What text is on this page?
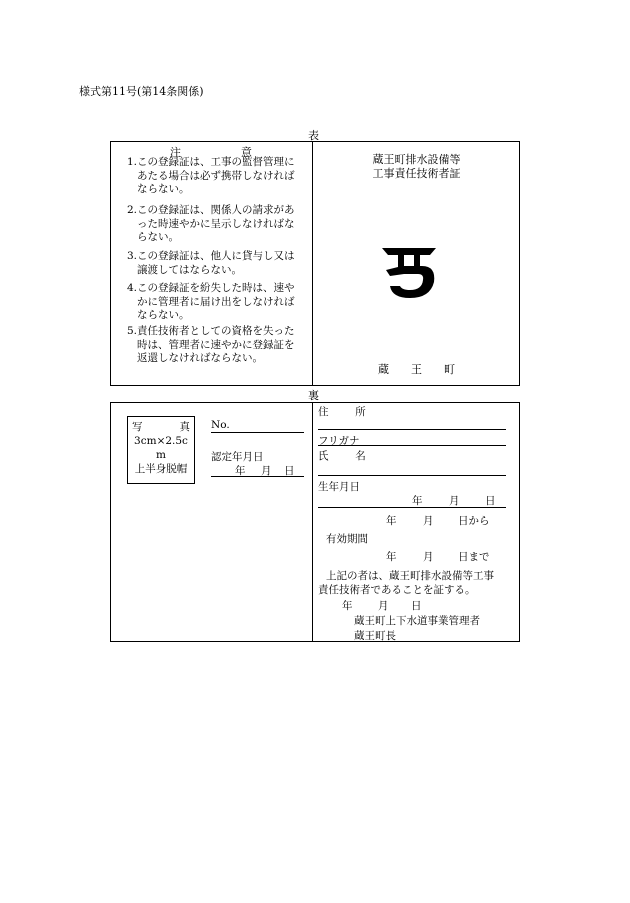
様式第11号(第14条関係)
表
注	意
1. この登録証は、工事の監督管理にあたる場合は必ず携帯しなければならない。
2. この登録証は、関係人の請求があった時速やかに呈示しなければならない。
3. この登録証は、他人に貸与し又は譲渡してはならない。
4. この登録証を紛失した時は、速やかに管理者に届け出をしなければならない。
5. 責任技術者としての資格を失った時は、管理者に速やかに登録証を返還しなければならない。
蔵王町排水設備等
工事責任技術者証
蔵 王 町
裏
写	真
3cm×2.5c
m
上半身脱帽
No.
認定年月日
年 月 日
住	所
フリガナ
氏	名
生年月日
年	月 日
年	月 日から
有効期間
年	月 日まで
上記の者は、蔵王町排水設備等工事
責任技術者であることを証する。
年 月 日
蔵王町上下水道事業管理者
蔵王町長
